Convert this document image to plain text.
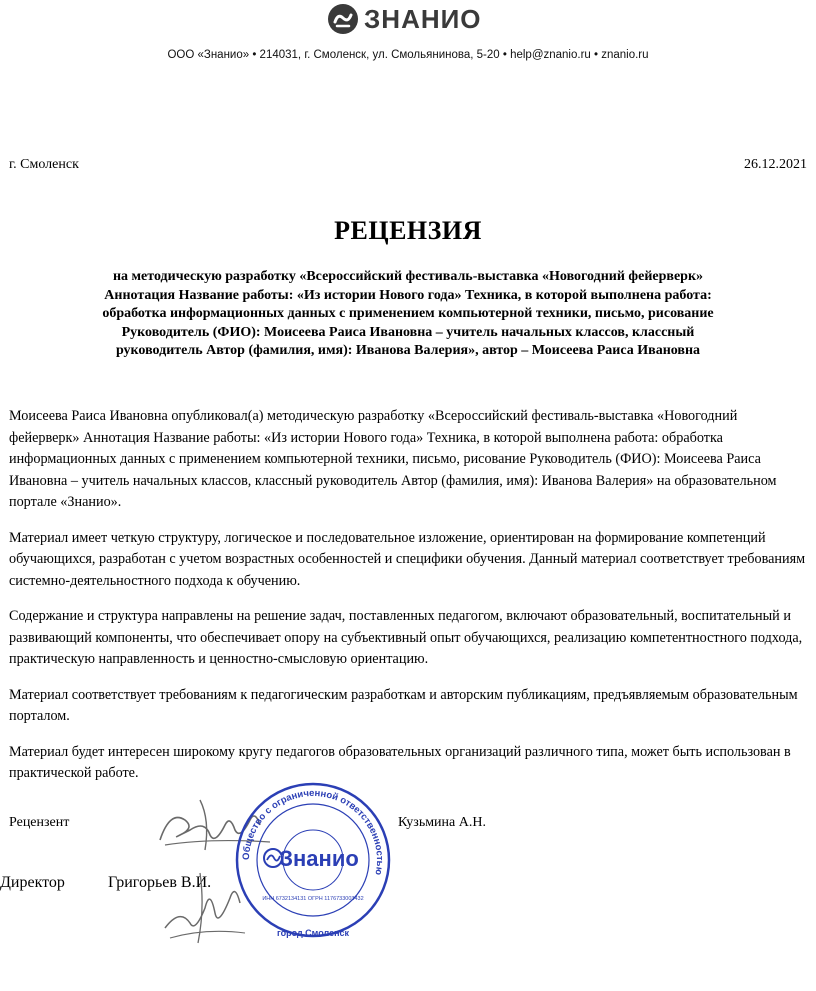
ЗНАНИО
ООО «Знанио» • 214031, г. Смоленск, ул. Смольянинова, 5-20 • help@znanio.ru • znanio.ru
г. Смоленск	26.12.2021
РЕЦЕНЗИЯ
на методическую разработку «Всероссийский фестиваль-выставка «Новогодний фейерверк» Аннотация Название работы: «Из истории Нового года» Техника, в которой выполнена работа: обработка информационных данных с применением компьютерной техники, письмо, рисование Руководитель (ФИО): Моисеева Раиса Ивановна – учитель начальных классов, классный руководитель Автор (фамилия, имя): Иванова Валерия», автор – Моисеева Раиса Ивановна

Моисеева Раиса Ивановна опубликовал(а) методическую разработку «Всероссийский фестиваль-выставка «Новогодний фейерверк» Аннотация Название работы: «Из истории Нового года» Техника, в которой выполнена работа: обработка информационных данных с применением компьютерной техники, письмо, рисование Руководитель (ФИО): Моисеева Раиса Ивановна – учитель начальных классов, классный руководитель Автор (фамилия, имя): Иванова Валерия» на образовательном портале «Знанио».

Материал имеет четкую структуру, логическое и последовательное изложение, ориентирован на формирование компетенций обучающихся, разработан с учетом возрастных особенностей и специфики обучения. Данный материал соответствует требованиям системно-деятельностного подхода к обучению.

Содержание и структура направлены на решение задач, поставленных педагогом, включают образовательный, воспитательный и развивающий компоненты, что обеспечивает опору на субъективный опыт обучающихся, реализацию компетентностного подхода, практическую направленность и ценностно-смысловую ориентацию.

Материал соответствует требованиям к педагогическим разработкам и авторским публикациям, предъявляемым образовательным порталом.

Материал будет интересен широкому кругу педагогов образовательных организаций различного типа, может быть использован в практической работе.

Рецензент	Кузьмина А.Н.
Общество с ограниченной ответственностью
город Смоленск
ИНН 6732134131 ОГРН 1176733003432
Знанио
Директор	Григорьев В.И.
